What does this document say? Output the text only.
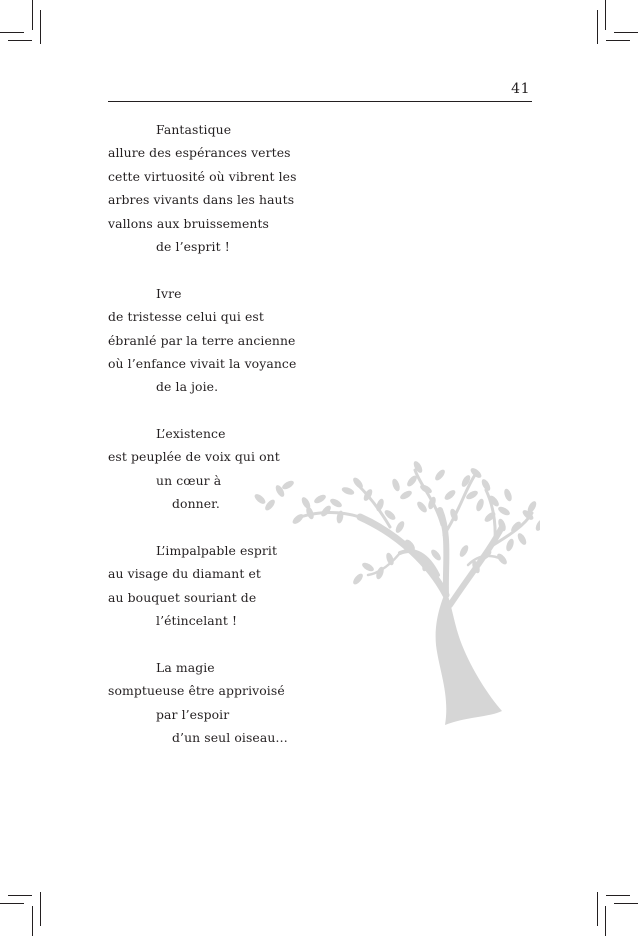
41
Fantastique
allure des espérances vertes
cette virtuosité où vibrent les
arbres vivants dans les hauts
vallons aux bruissements
de l’esprit !
Ivre
de tristesse celui qui est
ébranlé par la terre ancienne
où l’enfance vivait la voyance
de la joie.
L’existence
est peuplée de voix qui ont
un cœur à
donner.
L’impalpable esprit
au visage du diamant et
au bouquet souriant de
l’étincelant !
La magie
somptueuse être apprivoisé
par l’espoir
d’un seul oiseau…
